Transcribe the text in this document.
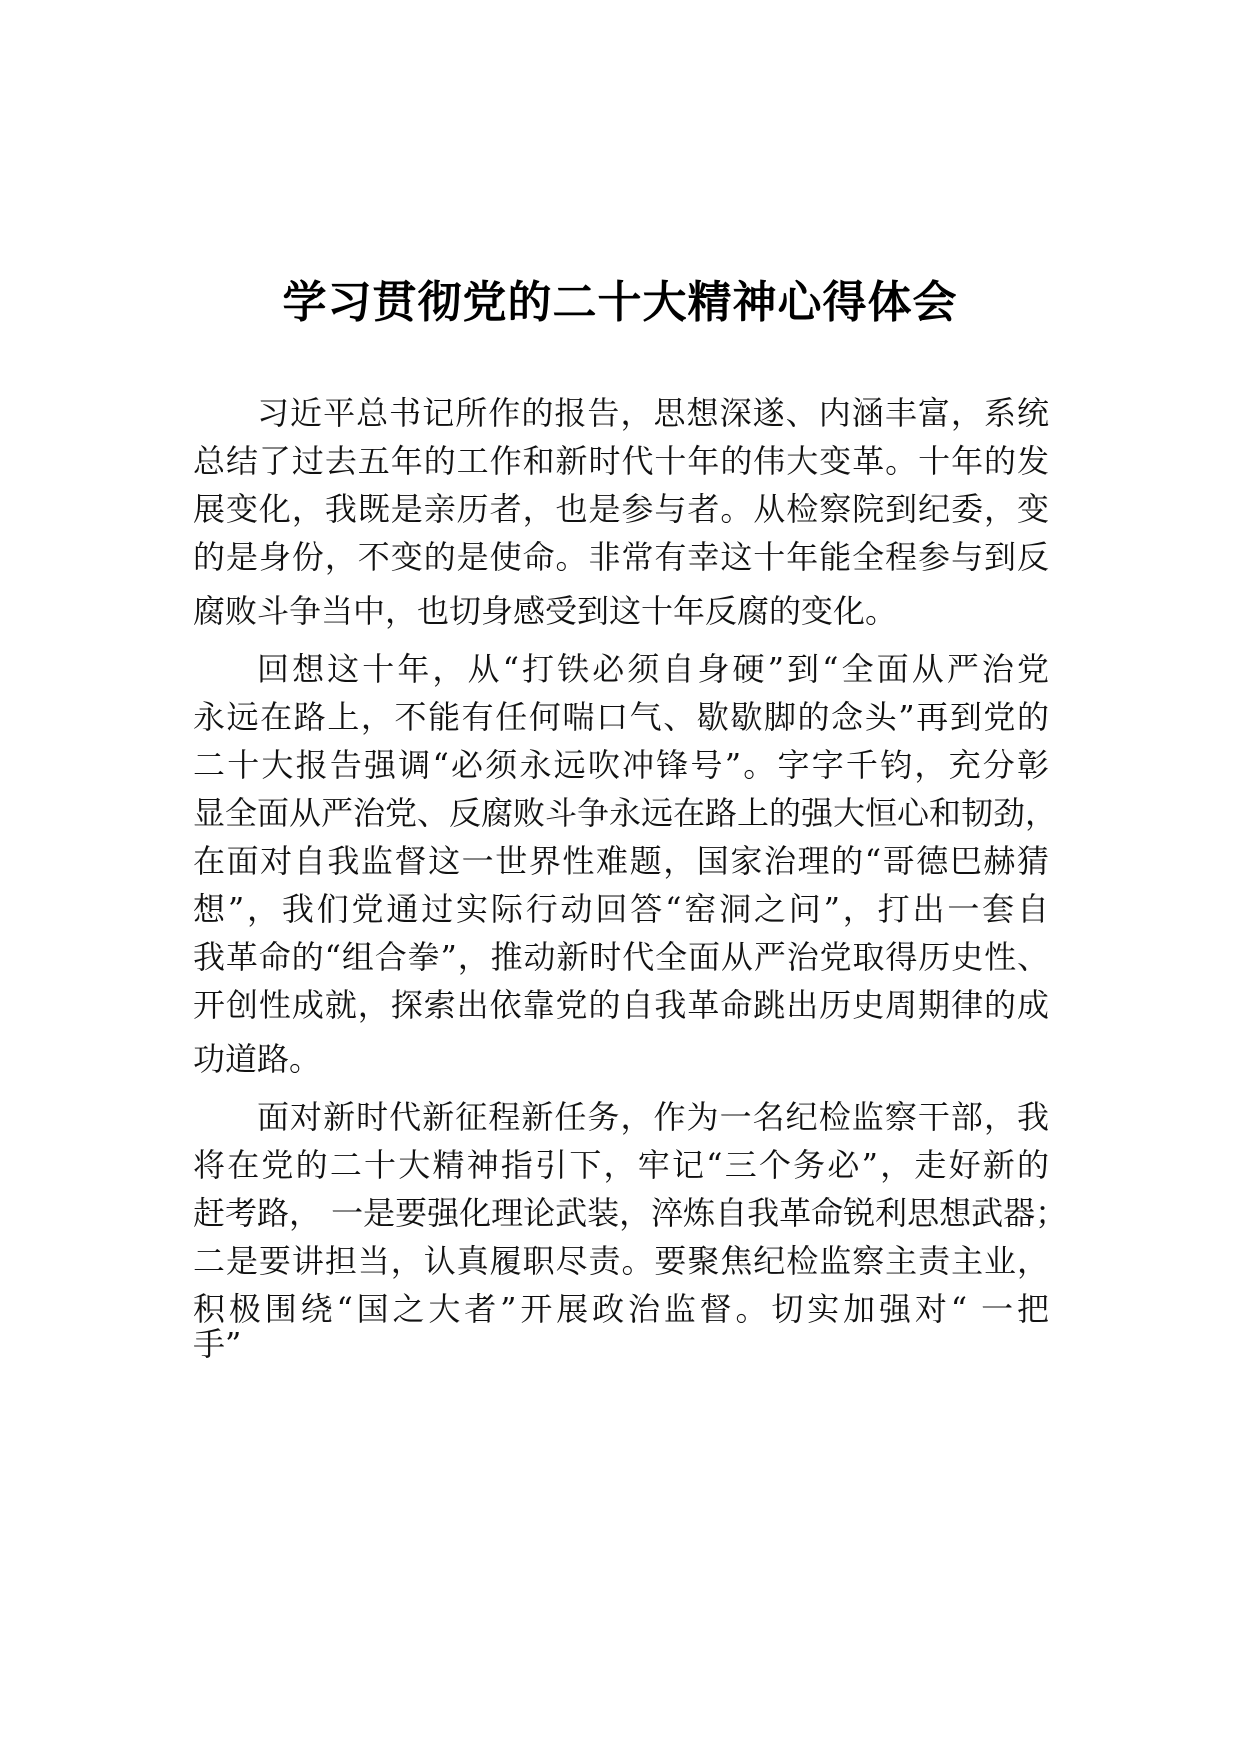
学习贯彻党的二十大精神心得体会
习近平总书记所作的报告，思想深遂、内涵丰富，系统
总结了过去五年的工作和新时代十年的伟大变革。十年的发
展变化，我既是亲历者，也是参与者。从检察院到纪委，变
的是身份，不变的是使命。非常有幸这十年能全程参与到反
腐败斗争当中，也切身感受到这十年反腐的变化。
回想这十年，从“打铁必须自身硬”到“全面从严治党
永远在路上，不能有任何喘口气、歇歇脚的念头”再到党的
二十大报告强调“必须永远吹冲锋号”。字字千钧，充分彰
显全面从严治党、反腐败斗争永远在路上的强大恒心和韧劲，
在面对自我监督这一世界性难题，国家治理的“哥德巴赫猜
想”，我们党通过实际行动回答“窑洞之问”，打出一套自
我革命的“组合拳”，推动新时代全面从严治党取得历史性、
开创性成就，探索出依靠党的自我革命跳出历史周期律的成
功道路。
面对新时代新征程新任务，作为一名纪检监察干部，我
将在党的二十大精神指引下，牢记“三个务必”，走好新的
赶考路， 一是要强化理论武装，淬炼自我革命锐利思想武器；
二是要讲担当，认真履职尽责。要聚焦纪检监察主责主业，
积极围绕“国之大者”开展政治监督。切实加强对“ 一把
手”
